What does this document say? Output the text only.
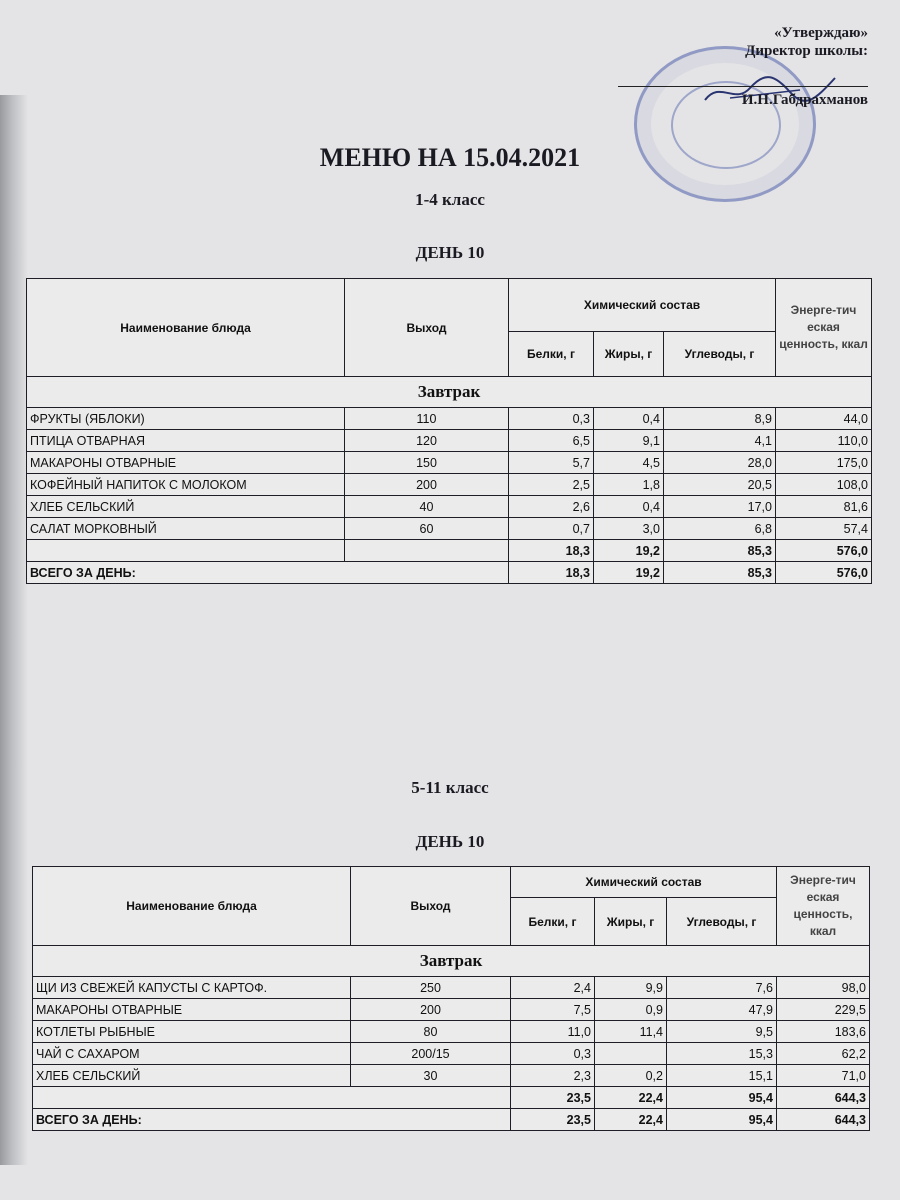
«Утверждаю»
Директор школы:
И.Н.Габдрахманов
МЕНЮ НА 15.04.2021
1-4 класс
ДЕНЬ 10
Наименование блюда	Выход	Химический состав			Энерге-тич еская ценность, ккал
		Белки, г	Жиры, г	Углеводы, г	
Завтрак					
ФРУКТЫ (ЯБЛОКИ)	110	0,3	0,4	8,9	44,0
ПТИЦА ОТВАРНАЯ	120	6,5	9,1	4,1	110,0
МАКАРОНЫ ОТВАРНЫЕ	150	5,7	4,5	28,0	175,0
КОФЕЙНЫЙ НАПИТОК С МОЛОКОМ	200	2,5	1,8	20,5	108,0
ХЛЕБ СЕЛЬСКИЙ	40	2,6	0,4	17,0	81,6
САЛАТ МОРКОВНЫЙ	60	0,7	3,0	6,8	57,4
		18,3	19,2	85,3	576,0
ВСЕГО ЗА ДЕНЬ:		18,3	19,2	85,3	576,0
5-11 класс
ДЕНЬ 10
Наименование блюда	Выход	Химический состав			Энерге-тич еская ценность, ккал
		Белки, г	Жиры, г	Углеводы, г	
Завтрак					
ЩИ ИЗ СВЕЖЕЙ КАПУСТЫ С КАРТОФ.	250	2,4	9,9	7,6	98,0
МАКАРОНЫ ОТВАРНЫЕ	200	7,5	0,9	47,9	229,5
КОТЛЕТЫ РЫБНЫЕ	80	11,0	11,4	9,5	183,6
ЧАЙ С САХАРОМ	200/15	0,3		15,3	62,2
ХЛЕБ СЕЛЬСКИЙ	30	2,3	0,2	15,1	71,0
		23,5	22,4	95,4	644,3
ВСЕГО ЗА ДЕНЬ:		23,5	22,4	95,4	644,3
